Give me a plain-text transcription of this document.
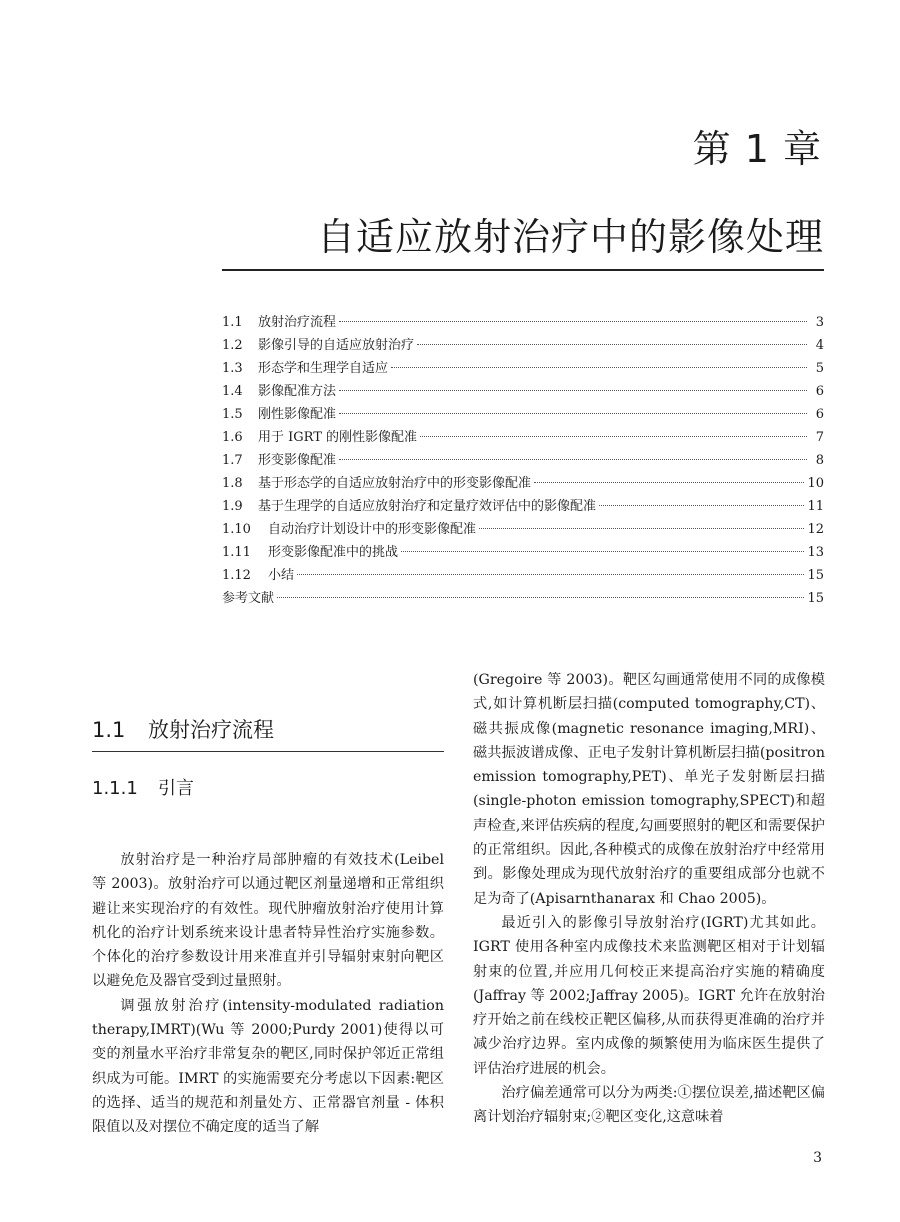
第 1 章
自适应放射治疗中的影像处理
1.1	放射治疗流程	3
1.2	影像引导的自适应放射治疗	4
1.3	形态学和生理学自适应	5
1.4	影像配准方法	6
1.5	刚性影像配准	6
1.6	用于 IGRT 的刚性影像配准	7
1.7	形变影像配准	8
1.8	基于形态学的自适应放射治疗中的形变影像配准	10
1.9	基于生理学的自适应放射治疗和定量疗效评估中的影像配准	11
1.10	自动治疗计划设计中的形变影像配准	12
1.11	形变影像配准中的挑战	13
1.12	小结	15
参考文献	15
1.1 放射治疗流程
1.1.1 引言

放射治疗是一种治疗局部肿瘤的有效技术(Leibel 等 2003)。放射治疗可以通过靶区剂量递增和正常组织避让来实现治疗的有效性。现代肿瘤放射治疗使用计算机化的治疗计划系统来设计患者特异性治疗实施参数。个体化的治疗参数设计用来准直并引导辐射束射向靶区以避免危及器官受到过量照射。

调强放射治疗(intensity-modulated radiation therapy,IMRT)(Wu 等 2000;Purdy 2001)使得以可变的剂量水平治疗非常复杂的靶区,同时保护邻近正常组织成为可能。IMRT 的实施需要充分考虑以下因素:靶区的选择、适当的规范和剂量处方、正常器官剂量 - 体积限值以及对摆位不确定度的适当了解

(Gregoire 等 2003)。靶区勾画通常使用不同的成像模式,如计算机断层扫描(computed tomography,CT)、磁共振成像(magnetic resonance imaging,MRI)、磁共振波谱成像、正电子发射计算机断层扫描(positron emission tomography,PET)、单光子发射断层扫描(single-photon emission tomography,SPECT)和超声检查,来评估疾病的程度,勾画要照射的靶区和需要保护的正常组织。因此,各种模式的成像在放射治疗中经常用到。影像处理成为现代放射治疗的重要组成部分也就不足为奇了(Apisarnthanarax 和 Chao 2005)。

最近引入的影像引导放射治疗(IGRT)尤其如此。IGRT 使用各种室内成像技术来监测靶区相对于计划辐射束的位置,并应用几何校正来提高治疗实施的精确度(Jaffray 等 2002;Jaffray 2005)。IGRT 允许在放射治疗开始之前在线校正靶区偏移,从而获得更准确的治疗并减少治疗边界。室内成像的频繁使用为临床医生提供了评估治疗进展的机会。

治疗偏差通常可以分为两类:①摆位误差,描述靶区偏离计划治疗辐射束;②靶区变化,这意味着

3
